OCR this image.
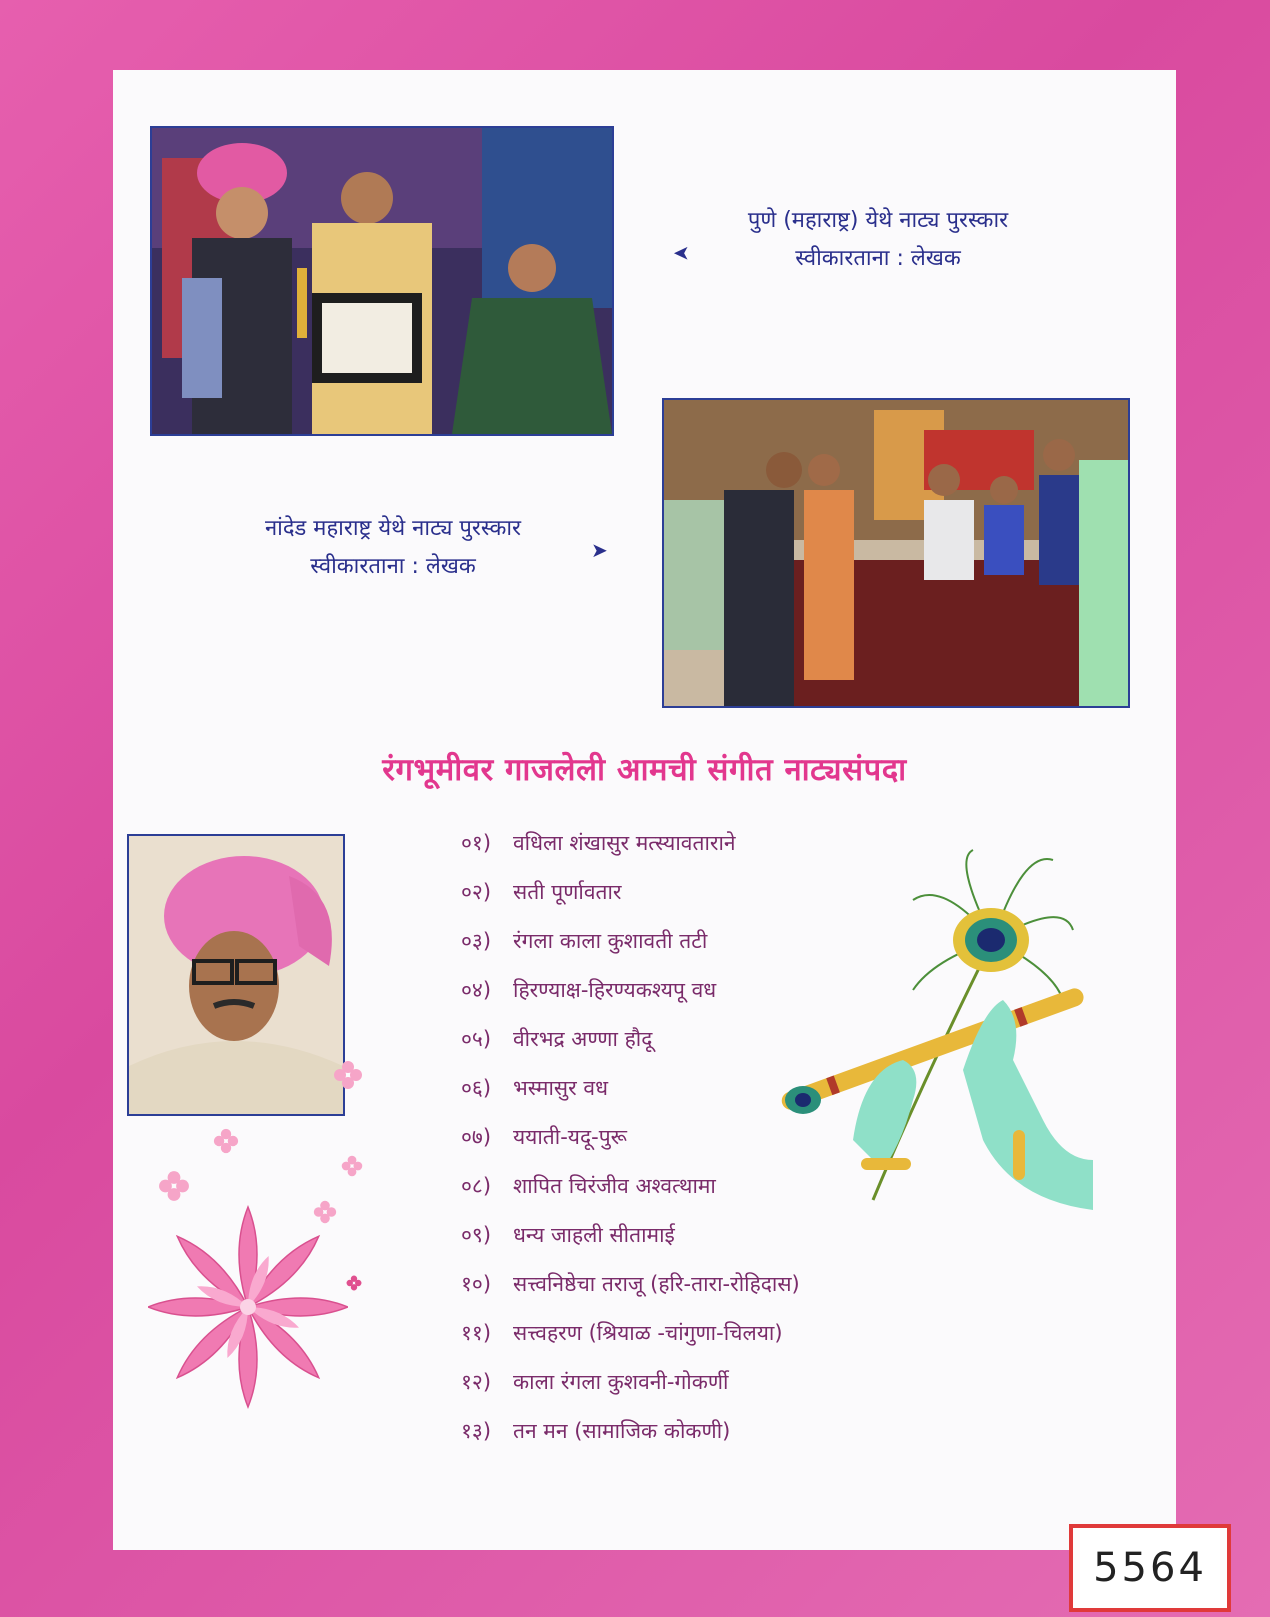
➤
पुणे (महाराष्ट्र) येथे नाट्य पुरस्कार
स्वीकारताना : लेखक
नांदेड महाराष्ट्र येथे नाट्य पुरस्कार
स्वीकारताना : लेखक
➤
रंगभूमीवर गाजलेली आमची संगीत नाट्यसंपदा
०१)	वधिला शंखासुर मत्स्यावताराने
०२)	सती पूर्णावतार
०३)	रंगला काला कुशावती तटी
०४)	हिरण्याक्ष-हिरण्यकश्यपू वध
०५)	वीरभद्र अण्णा हौदू
०६)	भस्मासुर वध
०७)	ययाती-यदू-पुरू
०८)	शापित चिरंजीव अश्वत्थामा
०९)	धन्य जाहली सीतामाई
१०)	सत्त्वनिष्ठेचा तराजू (हरि-तारा-रोहिदास)
११)	सत्त्वहरण (श्रियाळ -चांगुणा-चिलया)
१२)	काला रंगला कुशवनी-गोकर्णी
१३)	तन मन (सामाजिक कोकणी)
5564
